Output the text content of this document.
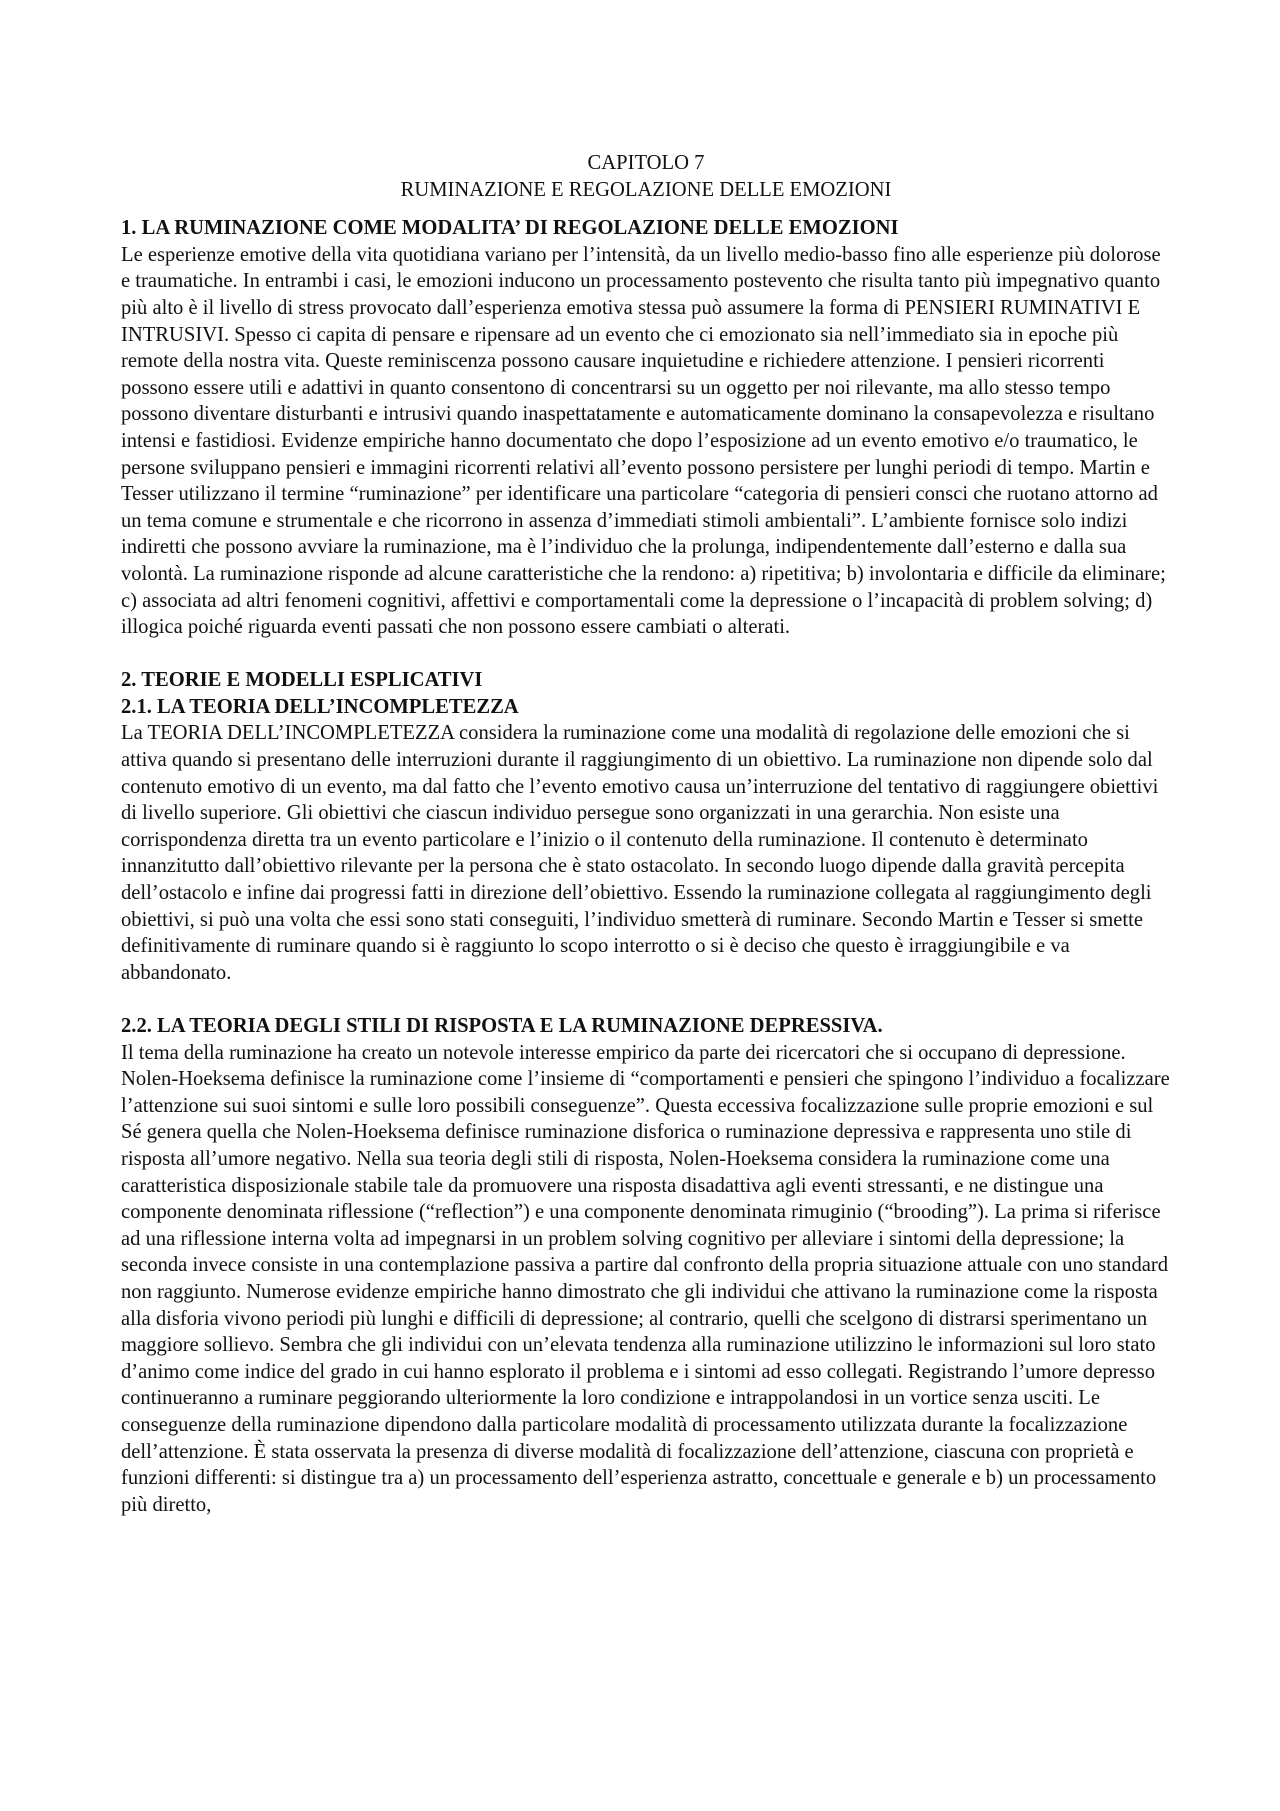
CAPITOLO 7
RUMINAZIONE E REGOLAZIONE DELLE EMOZIONI
1. LA RUMINAZIONE COME MODALITA’ DI REGOLAZIONE DELLE EMOZIONI

Le esperienze emotive della vita quotidiana variano per l’intensità, da un livello medio-basso fino alle esperienze più dolorose e traumatiche. In entrambi i casi, le emozioni inducono un processamento postevento che risulta tanto più impegnativo quanto più alto è il livello di stress provocato dall’esperienza emotiva stessa può assumere la forma di PENSIERI RUMINATIVI E INTRUSIVI. Spesso ci capita di pensare e ripensare ad un evento che ci emozionato sia nell’immediato sia in epoche più remote della nostra vita. Queste reminiscenza possono causare inquietudine e richiedere attenzione. I pensieri ricorrenti possono essere utili e adattivi in quanto consentono di concentrarsi su un oggetto per noi rilevante, ma allo stesso tempo possono diventare disturbanti e intrusivi quando inaspettatamente e automaticamente dominano la consapevolezza e risultano intensi e fastidiosi. Evidenze empiriche hanno documentato che dopo l’esposizione ad un evento emotivo e/o traumatico, le persone sviluppano pensieri e immagini ricorrenti relativi all’evento possono persistere per lunghi periodi di tempo. Martin e Tesser utilizzano il termine “ruminazione” per identificare una particolare “categoria di pensieri consci che ruotano attorno ad un tema comune e strumentale e che ricorrono in assenza d’immediati stimoli ambientali”. L’ambiente fornisce solo indizi indiretti che possono avviare la ruminazione, ma è l’individuo che la prolunga, indipendentemente dall’esterno e dalla sua volontà. La ruminazione risponde ad alcune caratteristiche che la rendono: a) ripetitiva; b) involontaria e difficile da eliminare; c) associata ad altri fenomeni cognitivi, affettivi e comportamentali come la depressione o l’incapacità di problem solving; d) illogica poiché riguarda eventi passati che non possono essere cambiati o alterati.

2. TEORIE E MODELLI ESPLICATIVI
2.1. LA TEORIA DELL’INCOMPLETEZZA

La TEORIA DELL’INCOMPLETEZZA considera la ruminazione come una modalità di regolazione delle emozioni che si attiva quando si presentano delle interruzioni durante il raggiungimento di un obiettivo. La ruminazione non dipende solo dal contenuto emotivo di un evento, ma dal fatto che l’evento emotivo causa un’interruzione del tentativo di raggiungere obiettivi di livello superiore. Gli obiettivi che ciascun individuo persegue sono organizzati in una gerarchia. Non esiste una corrispondenza diretta tra un evento particolare e l’inizio o il contenuto della ruminazione. Il contenuto è determinato innanzitutto dall’obiettivo rilevante per la persona che è stato ostacolato. In secondo luogo dipende dalla gravità percepita dell’ostacolo e infine dai progressi fatti in direzione dell’obiettivo. Essendo la ruminazione collegata al raggiungimento degli obiettivi, si può una volta che essi sono stati conseguiti, l’individuo smetterà di ruminare. Secondo Martin e Tesser si smette definitivamente di ruminare quando si è raggiunto lo scopo interrotto o si è deciso che questo è irraggiungibile e va abbandonato.

2.2. LA TEORIA DEGLI STILI DI RISPOSTA E LA RUMINAZIONE DEPRESSIVA.

Il tema della ruminazione ha creato un notevole interesse empirico da parte dei ricercatori che si occupano di depressione. Nolen-Hoeksema definisce la ruminazione come l’insieme di “comportamenti e pensieri che spingono l’individuo a focalizzare l’attenzione sui suoi sintomi e sulle loro possibili conseguenze”. Questa eccessiva focalizzazione sulle proprie emozioni e sul Sé genera quella che Nolen-Hoeksema definisce ruminazione disforica o ruminazione depressiva e rappresenta uno stile di risposta all’umore negativo. Nella sua teoria degli stili di risposta, Nolen-Hoeksema considera la ruminazione come una caratteristica disposizionale stabile tale da promuovere una risposta disadattiva agli eventi stressanti, e ne distingue una componente denominata riflessione (“reflection”) e una componente denominata rimuginio (“brooding”). La prima si riferisce ad una riflessione interna volta ad impegnarsi in un problem solving cognitivo per alleviare i sintomi della depressione; la seconda invece consiste in una contemplazione passiva a partire dal confronto della propria situazione attuale con uno standard non raggiunto. Numerose evidenze empiriche hanno dimostrato che gli individui che attivano la ruminazione come la risposta alla disforia vivono periodi più lunghi e difficili di depressione; al contrario, quelli che scelgono di distrarsi sperimentano un maggiore sollievo. Sembra che gli individui con un’elevata tendenza alla ruminazione utilizzino le informazioni sul loro stato d’animo come indice del grado in cui hanno esplorato il problema e i sintomi ad esso collegati. Registrando l’umore depresso continueranno a ruminare peggiorando ulteriormente la loro condizione e intrappolandosi in un vortice senza usciti. Le conseguenze della ruminazione dipendono dalla particolare modalità di processamento utilizzata durante la focalizzazione dell’attenzione. È stata osservata la presenza di diverse modalità di focalizzazione dell’attenzione, ciascuna con proprietà e funzioni differenti: si distingue tra a) un processamento dell’esperienza astratto, concettuale e generale e b) un processamento più diretto,
